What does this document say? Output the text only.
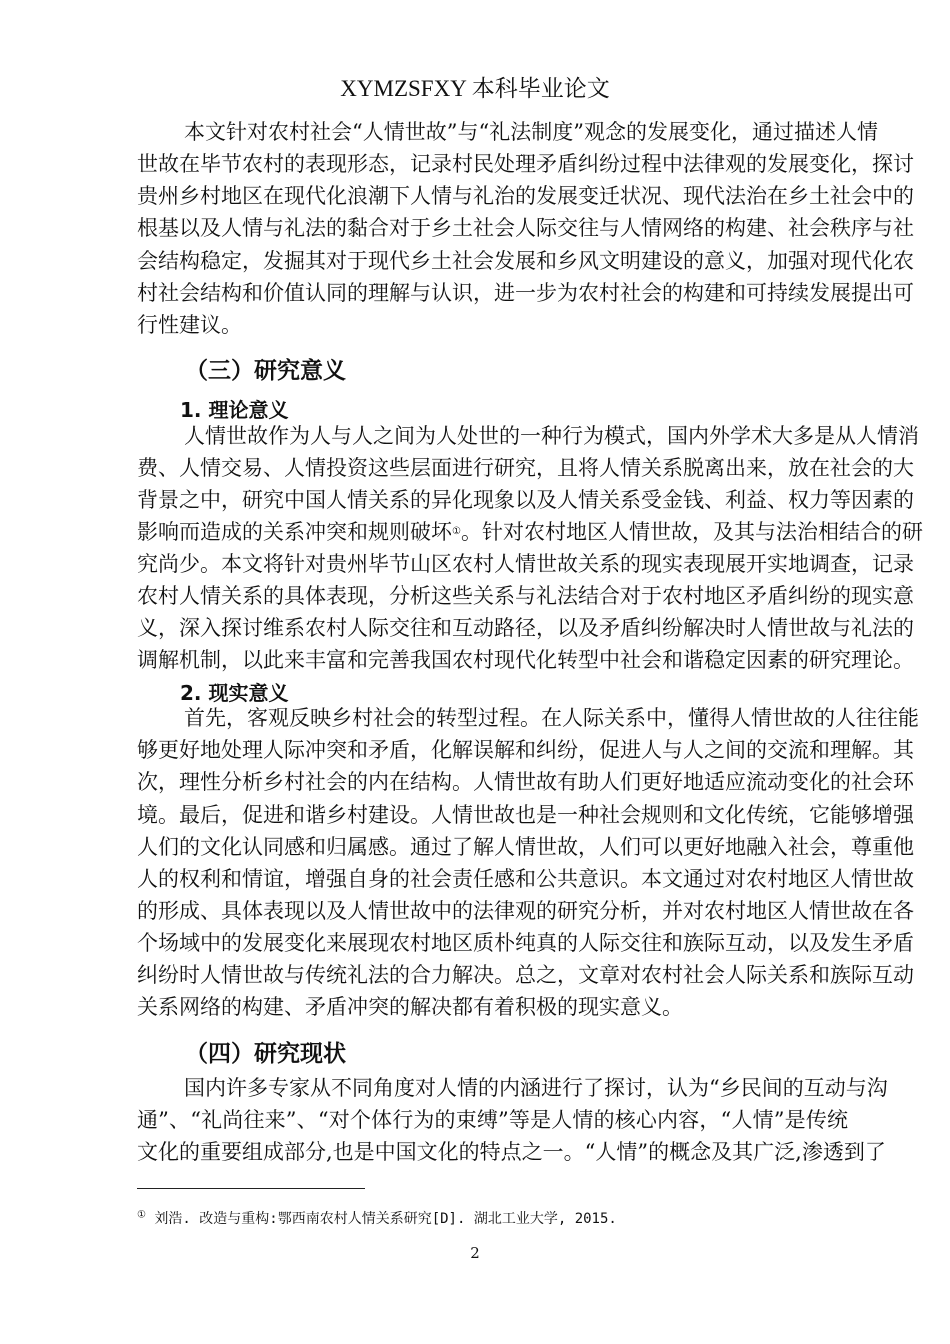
XYMZSFXY 本科毕业论文
本文针对农村社会“人情世故”与“礼法制度”观念的发展变化，通过描述人情
世故在毕节农村的表现形态，记录村民处理矛盾纠纷过程中法律观的发展变化，探讨
贵州乡村地区在现代化浪潮下人情与礼治的发展变迁状况、现代法治在乡土社会中的
根基以及人情与礼法的黏合对于乡土社会人际交往与人情网络的构建、社会秩序与社
会结构稳定，发掘其对于现代乡土社会发展和乡风文明建设的意义，加强对现代化农
村社会结构和价值认同的理解与认识，进一步为农村社会的构建和可持续发展提出可
行性建议。
（三）研究意义
1. 理论意义
人情世故作为人与人之间为人处世的一种行为模式，国内外学术大多是从人情消
费、人情交易、人情投资这些层面进行研究，且将人情关系脱离出来，放在社会的大
背景之中，研究中国人情关系的异化现象以及人情关系受金钱、利益、权力等因素的
影响而造成的关系冲突和规则破坏 ① 。针对农村地区人情世故，及其与法治相结合的研
究尚少。本文将针对贵州毕节山区农村人情世故关系的现实表现展开实地调查，记录
农村人情关系的具体表现，分析这些关系与礼法结合对于农村地区矛盾纠纷的现实意
义，深入探讨维系农村人际交往和互动路径，以及矛盾纠纷解决时人情世故与礼法的
调解机制，以此来丰富和完善我国农村现代化转型中社会和谐稳定因素的研究理论。
2. 现实意义
首先，客观反映乡村社会的转型过程。在人际关系中，懂得人情世故的人往往能
够更好地处理人际冲突和矛盾，化解误解和纠纷，促进人与人之间的交流和理解。其
次，理性分析乡村社会的内在结构。人情世故有助人们更好地适应流动变化的社会环
境。最后，促进和谐乡村建设。人情世故也是一种社会规则和文化传统，它能够增强
人们的文化认同感和归属感。通过了解人情世故，人们可以更好地融入社会，尊重他
人的权利和情谊，增强自身的社会责任感和公共意识。本文通过对农村地区人情世故
的形成、具体表现以及人情世故中的法律观的研究分析，并对农村地区人情世故在各
个场域中的发展变化来展现农村地区质朴纯真的人际交往和族际互动，以及发生矛盾
纠纷时人情世故与传统礼法的合力解决。总之，文章对农村社会人际关系和族际互动
关系网络的构建、矛盾冲突的解决都有着积极的现实意义。
（四）研究现状
国内许多专家从不同角度对人情的内涵进行了探讨，认为“乡民间的互动与沟
通”、“礼尚往来”、“对个体行为的束缚”等是人情的核心内容，“人情”是传统
文化的重要组成部分,也是中国文化的特点之一。“人情”的概念及其广泛,渗透到了
① 刘浩. 改造与重构:鄂西南农村人情关系研究[D]. 湖北工业大学, 2015.
2
